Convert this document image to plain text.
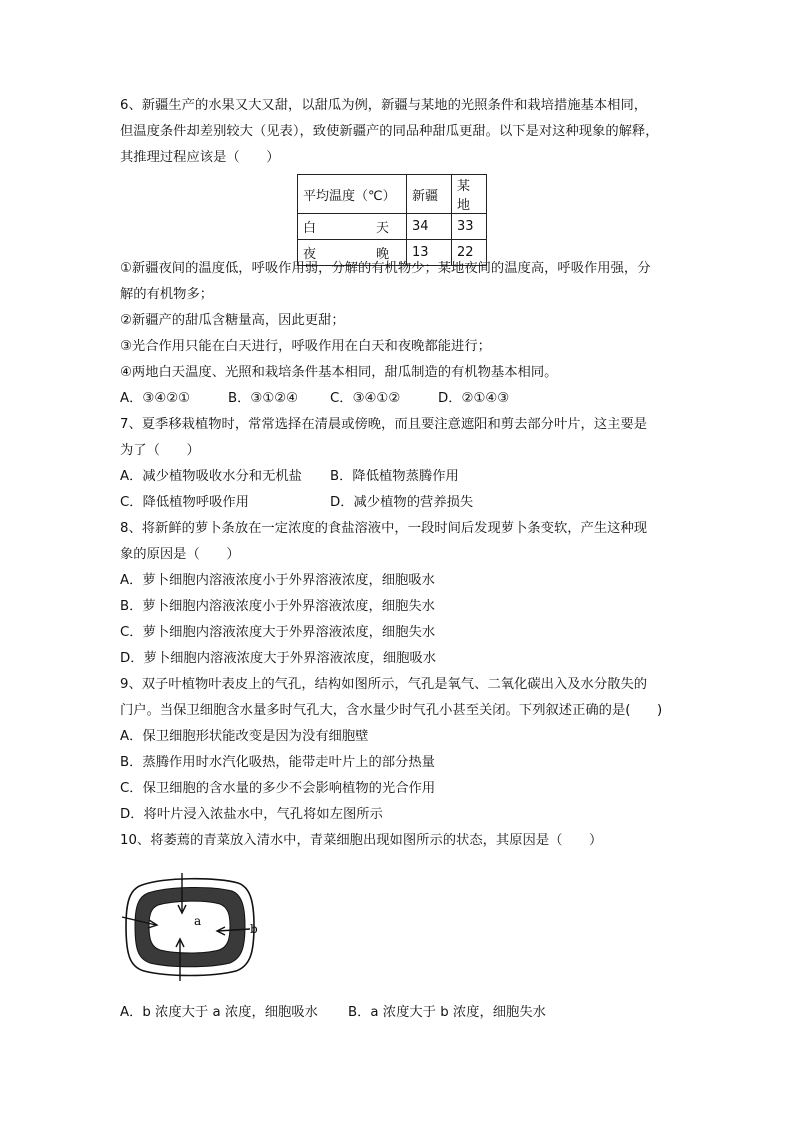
6、新疆生产的水果又大又甜，以甜瓜为例，新疆与某地的光照条件和栽培措施基本相同，
但温度条件却差别较大（见表），致使新疆产的同品种甜瓜更甜。以下是对这种现象的解释，
其推理过程应该是（　　）
平均温度（℃）	新疆	某地

白 天	34	33

夜 晚	13	22
①新疆夜间的温度低，呼吸作用弱，分解的有机物少；某地夜间的温度高，呼吸作用强，分
解的有机物多；
②新疆产的甜瓜含糖量高，因此更甜；
③光合作用只能在白天进行，呼吸作用在白天和夜晚都能进行；
④两地白天温度、光照和栽培条件基本相同，甜瓜制造的有机物基本相同。
A．③④②①	B．③①②④ C．③④①②	D．②①④③
7、夏季移栽植物时，常常选择在清晨或傍晚，而且要注意遮阳和剪去部分叶片，这主要是
为了（　　）
A．减少植物吸收水分和无机盐 B．降低植物蒸腾作用
C．降低植物呼吸作用	D．减少植物的营养损失
8、将新鲜的萝卜条放在一定浓度的食盐溶液中，一段时间后发现萝卜条变软，产生这种现
象的原因是（　　）
A．萝卜细胞内溶液浓度小于外界溶液浓度，细胞吸水
B．萝卜细胞内溶液浓度小于外界溶液浓度，细胞失水
C．萝卜细胞内溶液浓度大于外界溶液浓度，细胞失水
D．萝卜细胞内溶液浓度大于外界溶液浓度，细胞吸水
9、双子叶植物叶表皮上的气孔，结构如图所示，气孔是氧气、二氧化碳出入及水分散失的
门户。当保卫细胞含水量多时气孔大，含水量少时气孔小甚至关闭。下列叙述正确的是(　　)
A．保卫细胞形状能改变是因为没有细胞壁
B．蒸腾作用时水汽化吸热，能带走叶片上的部分热量
C．保卫细胞的含水量的多少不会影响植物的光合作用
D．将叶片浸入浓盐水中，气孔将如左图所示
10、将萎蔫的青菜放入清水中，青菜细胞出现如图所示的状态，其原因是（　　）
a
b
A．b 浓度大于 a 浓度，细胞吸水 B．a 浓度大于 b 浓度，细胞失水
